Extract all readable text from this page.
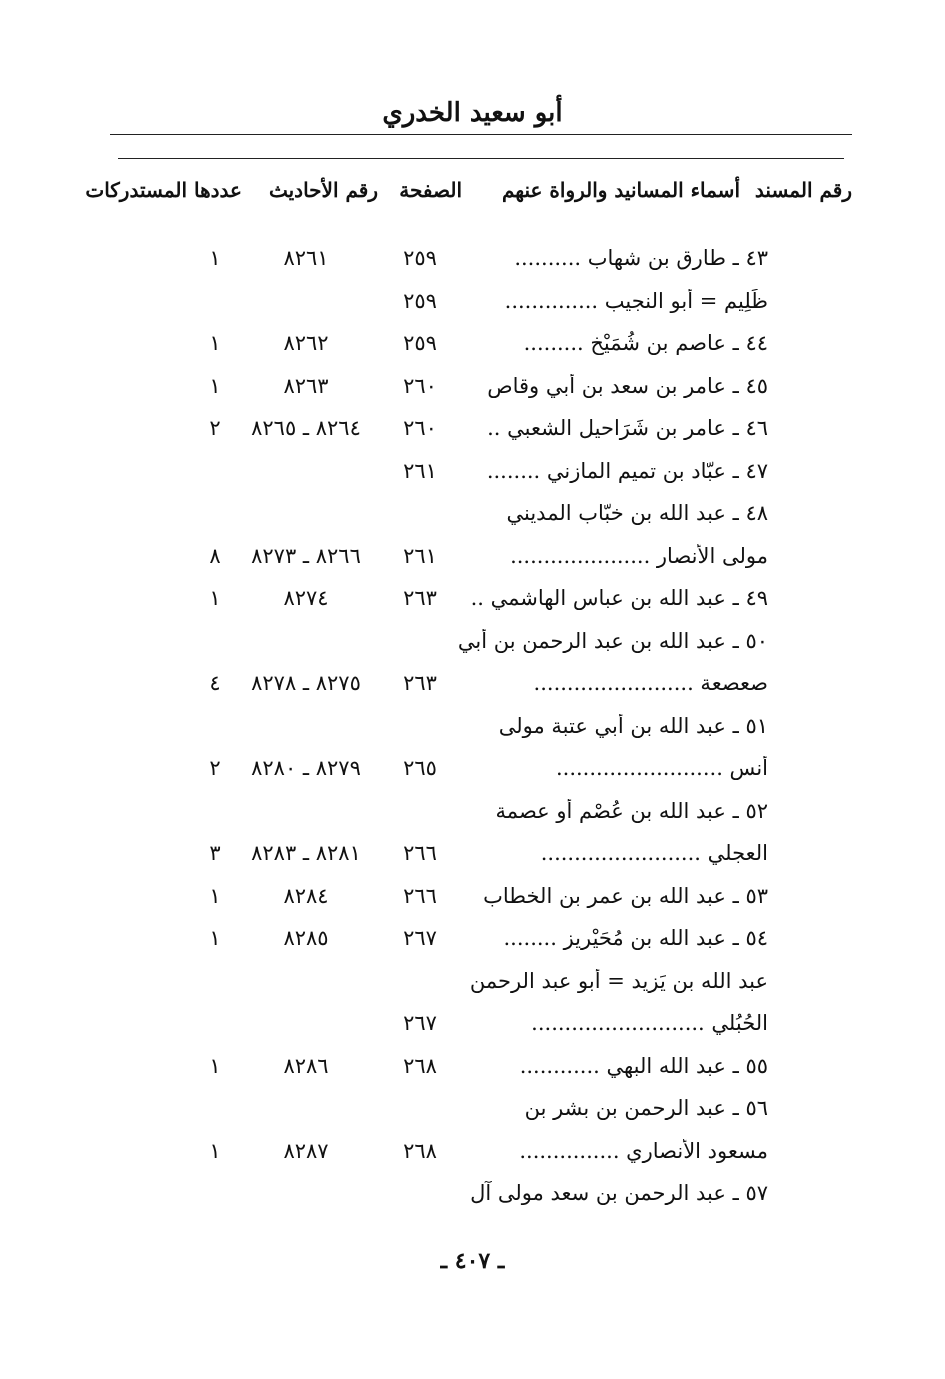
أبو سعيد الخدري
رقم المسند
أسماء المسانيد والرواة عنهم
الصفحة
رقم الأحاديث
عددها المستدركات
٤٣ ـ طارق بن شهاب ..........
٢٥٩
٨٢٦١
١
ظَلِيم = أبو النجيب ..............
٢٥٩
٤٤ ـ عاصم بن شُمَيْخ .........
٢٥٩
٨٢٦٢
١
٤٥ ـ عامر بن سعد بن أبي وقاص
٢٦٠
٨٢٦٣
١
٤٦ ـ عامر بن شَرَاحيل الشعبي ..
٢٦٠
٨٢٦٤ ـ ٨٢٦٥
٢
٤٧ ـ عبّاد بن تميم المازني ........
٢٦١
٤٨ ـ عبد الله بن خبّاب المديني
مولى الأنصار .....................
٢٦١
٨٢٦٦ ـ ٨٢٧٣
٨
٤٩ ـ عبد الله بن عباس الهاشمي ..
٢٦٣
٨٢٧٤
١
٥٠ ـ عبد الله بن عبد الرحمن بن أبي
صعصعة ........................
٢٦٣
٨٢٧٥ ـ ٨٢٧٨
٤
٥١ ـ عبد الله بن أبي عتبة مولى
أنس .........................
٢٦٥
٨٢٧٩ ـ ٨٢٨٠
٢
٥٢ ـ عبد الله بن عُصْم أو عصمة
العجلي ........................
٢٦٦
٨٢٨١ ـ ٨٢٨٣
٣
٥٣ ـ عبد الله بن عمر بن الخطاب
٢٦٦
٨٢٨٤
١
٥٤ ـ عبد الله بن مُحَيْريز ........
٢٦٧
٨٢٨٥
١
عبد الله بن يَزِيد = أبو عبد الرحمن
الحُبُلي ..........................
٢٦٧
٥٥ ـ عبد الله البهي ............
٢٦٨
٨٢٨٦
١
٥٦ ـ عبد الرحمن بن بشر بن
مسعود الأنصاري ...............
٢٦٨
٨٢٨٧
١
٥٧ ـ عبد الرحمن بن سعد مولى آل
ـ ٤٠٧ ـ
